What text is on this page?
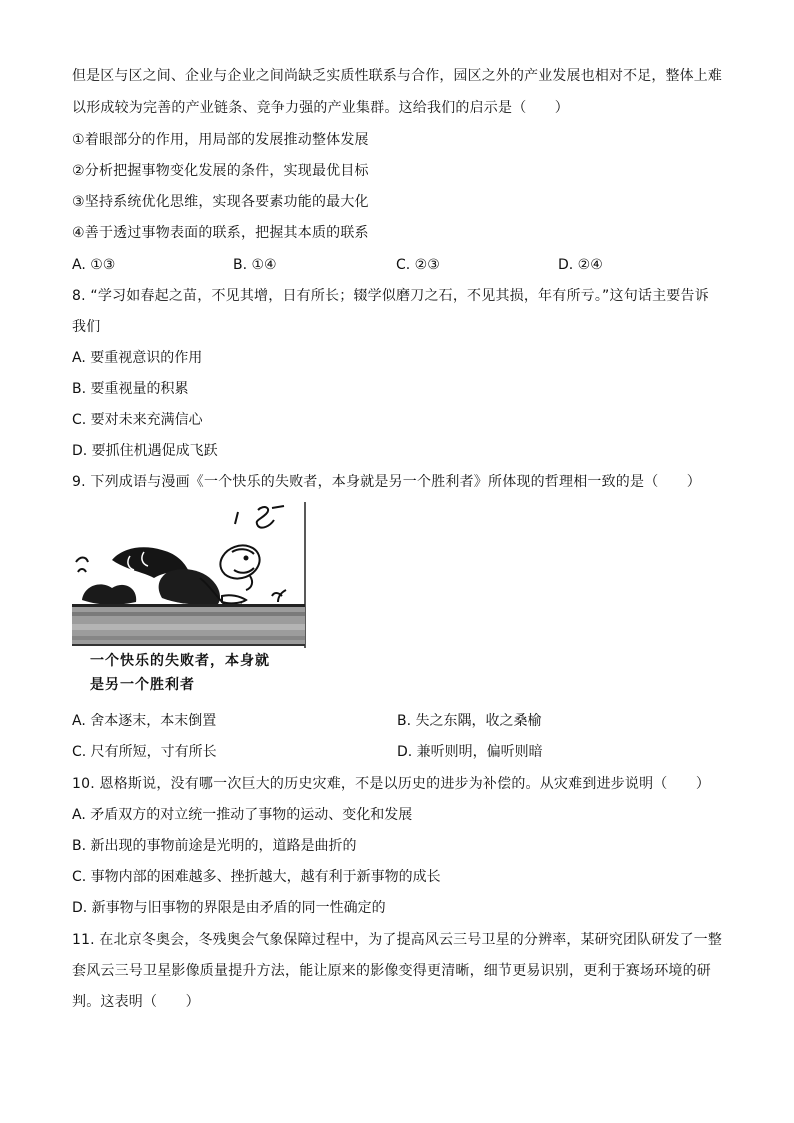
但是区与区之间、企业与企业之间尚缺乏实质性联系与合作，园区之外的产业发展也相对不足，整体上难
以形成较为完善的产业链条、竞争力强的产业集群。这给我们的启示是（　　）
①着眼部分的作用，用局部的发展推动整体发展
②分析把握事物变化发展的条件，实现最优目标
③坚持系统优化思维，实现各要素功能的最大化
④善于透过事物表面的联系，把握其本质的联系
A. ①③	B. ①④	C. ②③	D. ②④
8. “学习如春起之苗，不见其增，日有所长；辍学似磨刀之石，不见其损，年有所亏。”这句话主要告诉
我们
A. 要重视意识的作用
B. 要重视量的积累
C. 要对未来充满信心
D. 要抓住机遇促成飞跃
9. 下列成语与漫画《一个快乐的失败者，本身就是另一个胜利者》所体现的哲理相一致的是（　　）
一个快乐的失败者，本身就
是另一个胜利者
A. 舍本逐末，本末倒置	B. 失之东隅，收之桑榆
C. 尺有所短，寸有所长	D. 兼听则明，偏听则暗
10. 恩格斯说，没有哪一次巨大的历史灾难，不是以历史的进步为补偿的。从灾难到进步说明（　　）
A. 矛盾双方的对立统一推动了事物的运动、变化和发展
B. 新出现的事物前途是光明的，道路是曲折的
C. 事物内部的困难越多、挫折越大，越有利于新事物的成长
D. 新事物与旧事物的界限是由矛盾的同一性确定的
11. 在北京冬奥会，冬残奥会气象保障过程中，为了提高风云三号卫星的分辨率，某研究团队研发了一整
套风云三号卫星影像质量提升方法，能让原来的影像变得更清晰，细节更易识别，更利于赛场环境的研
判。这表明（　　）
